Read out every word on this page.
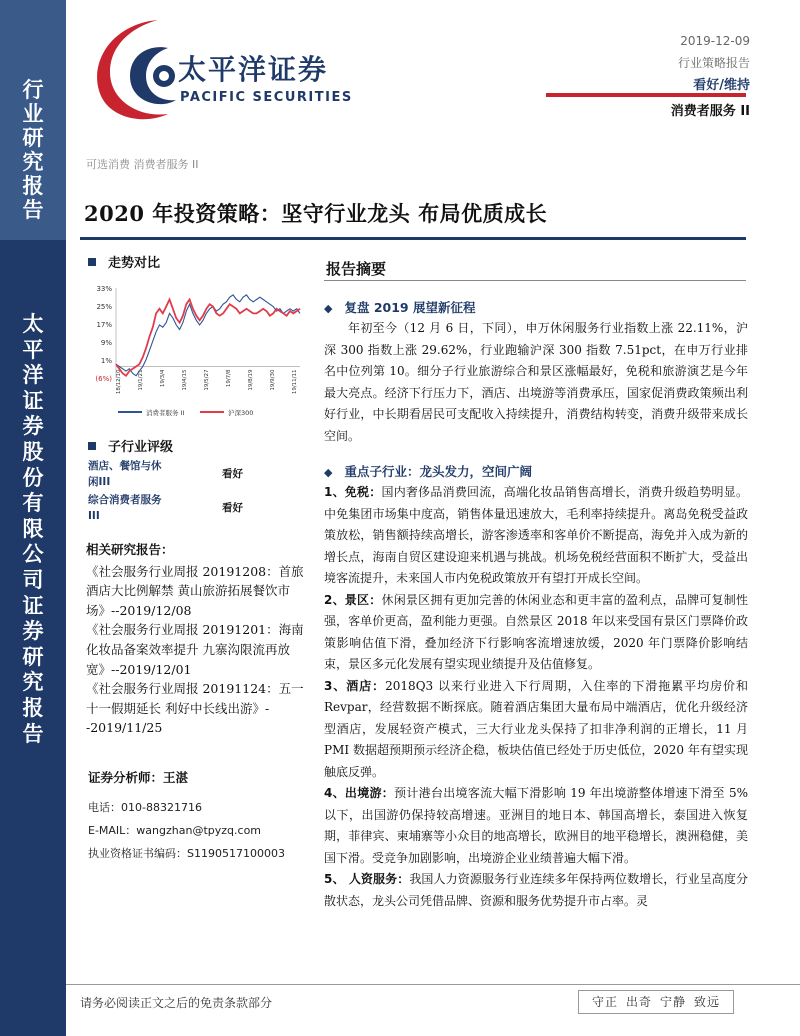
行
业
研
究
报
告
太
平
洋
证
券
股
份
有
限
公
司
证
券
研
究
报
告
太平洋证券
PACIFIC SECURITIES
2019-12-09
行业策略报告
看好/维持
消费者服务 II
可选消费 消费者服务 II
2020 年投资策略：坚守行业龙头 布局优质成长
走势对比
33%
25%
17%
9%
1%
(6%) 18/12/10	19/1/21	19/3/4	19/4/15	19/5/27	19/7/8	19/8/19	19/9/30	19/11/11
消费者服务 II	沪深300
子行业评级
酒店、餐馆与休闲III
看好
综合消费者服务III
看好
相关研究报告：

《社会服务行业周报 20191208：首旅酒店大比例解禁 黄山旅游拓展餐饮市场》--2019/12/08

《社会服务行业周报 20191201：海南化妆品备案效率提升 九寨沟限流再放宽》--2019/12/01

《社会服务行业周报 20191124：五一十一假期延长 利好中长线出游》--2019/11/25

证券分析师：王湛
电话：010-88321716
E-MAIL：wangzhan@tpyzq.com
执业资格证书编码：S1190517100003
报告摘要
◆ 复盘 2019 展望新征程

年初至今（12 月 6 日，下同），申万休闲服务行业指数上涨 22.11%，沪深 300 指数上涨 29.62%，行业跑输沪深 300 指数 7.51pct，在申万行业排名中位列第 10。细分子行业旅游综合和景区涨幅最好，免税和旅游演艺是今年最大亮点。经济下行压力下，酒店、出境游等消费承压，国家促消费政策频出利好行业，中长期看居民可支配收入持续提升，消费结构转变，消费升级带来成长空间。

◆ 重点子行业：龙头发力，空间广阔

1、免税：国内奢侈品消费回流，高端化妆品销售高增长，消费升级趋势明显。中免集团市场集中度高，销售体量迅速放大，毛利率持续提升。离岛免税受益政策放松，销售额持续高增长，游客渗透率和客单价不断提高，海免并入成为新的增长点，海南自贸区建设迎来机遇与挑战。机场免税经营面积不断扩大，受益出境客流提升，未来国人市内免税政策放开有望打开成长空间。

2、景区：休闲景区拥有更加完善的休闲业态和更丰富的盈利点，品牌可复制性强，客单价更高，盈利能力更强。自然景区 2018 年以来受国有景区门票降价政策影响估值下滑，叠加经济下行影响客流增速放缓，2020 年门票降价影响结束，景区多元化发展有望实现业绩提升及估值修复。

3、酒店：2018Q3 以来行业进入下行周期，入住率的下滑拖累平均房价和 Revpar，经营数据不断探底。随着酒店集团大量布局中端酒店，优化升级经济型酒店，发展轻资产模式，三大行业龙头保持了扣非净利润的正增长，11 月 PMI 数据超预期预示经济企稳，板块估值已经处于历史低位，2020 年有望实现触底反弹。

4、出境游：预计港台出境客流大幅下滑影响 19 年出境游整体增速下滑至 5%以下，出国游仍保持较高增速。亚洲目的地日本、韩国高增长，泰国进入恢复期，菲律宾、柬埔寨等小众目的地高增长，欧洲目的地平稳增长，澳洲稳健，美国下滑。受竞争加剧影响，出境游企业业绩普遍大幅下滑。

5、 人资服务：我国人力资源服务行业连续多年保持两位数增长，行业呈高度分散状态，龙头公司凭借品牌、资源和服务优势提升市占率。灵

请务必阅读正文之后的免责条款部分	守正 出奇 宁静 致远
